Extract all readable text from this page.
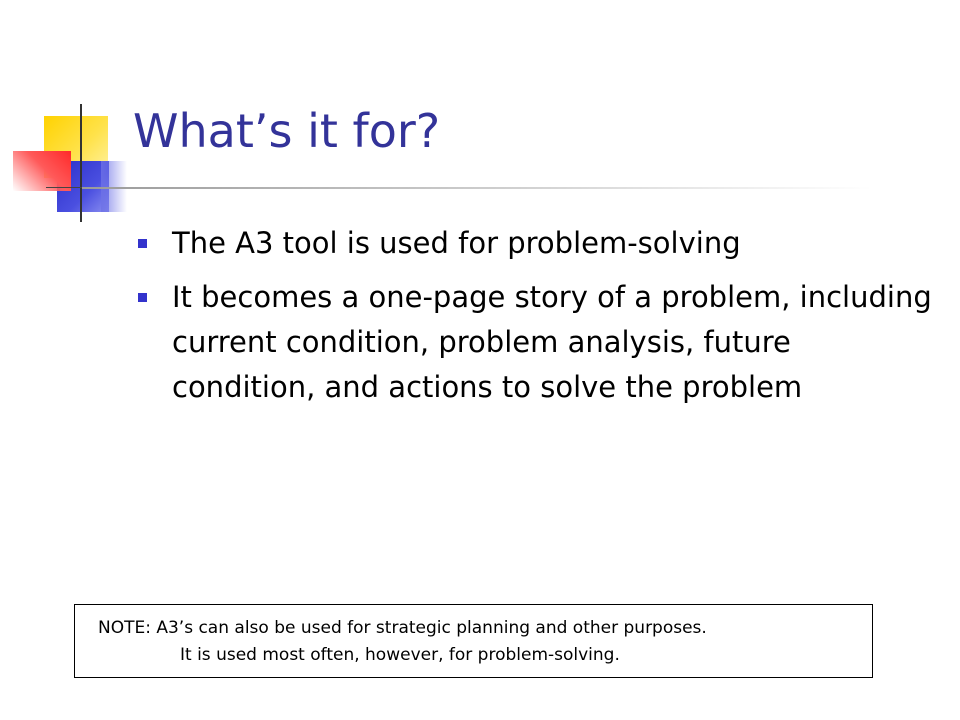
What’s it for?
The A3 tool is used for problem-solving
It becomes a one-page story of a problem, including current condition, problem analysis, future condition, and actions to solve the problem
NOTE: A3’s can also be used for strategic planning and other purposes.
It is used most often, however, for problem-solving.
